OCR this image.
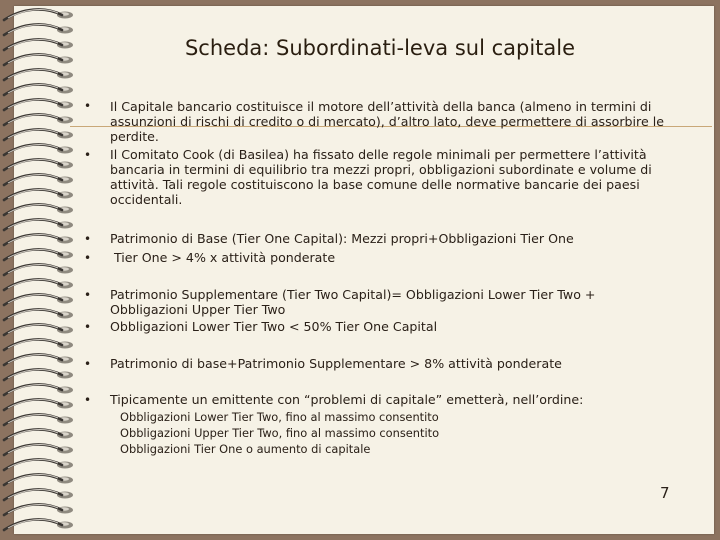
Scheda: Subordinati-leva sul capitale
• Il Capitale bancario costituisce il motore dell’attività della banca (almeno in termini di
assunzioni di rischi di credito o di mercato), d’altro lato, deve permettere di assorbire le
perdite.
• Il Comitato Cook (di Basilea) ha fissato delle regole minimali per permettere l’attività
bancaria in termini di equilibrio tra mezzi propri, obbligazioni subordinate e volume di
attività. Tali regole costituiscono la base comune delle normative bancarie dei paesi
occidentali.
• Patrimonio di Base (Tier One Capital): Mezzi propri+Obbligazioni Tier One
• Tier One > 4% x attività ponderate
• Patrimonio Supplementare (Tier Two Capital)= Obbligazioni Lower Tier Two +
Obbligazioni Upper Tier Two
• Obbligazioni Lower Tier Two < 50% Tier One Capital
• Patrimonio di base+Patrimonio Supplementare > 8% attività ponderate
• Tipicamente un emittente con “problemi di capitale” emetterà, nell’ordine:
Obbligazioni Lower Tier Two, fino al massimo consentito
Obbligazioni Upper Tier Two, fino al massimo consentito
Obbligazioni Tier One o aumento di capitale
7
